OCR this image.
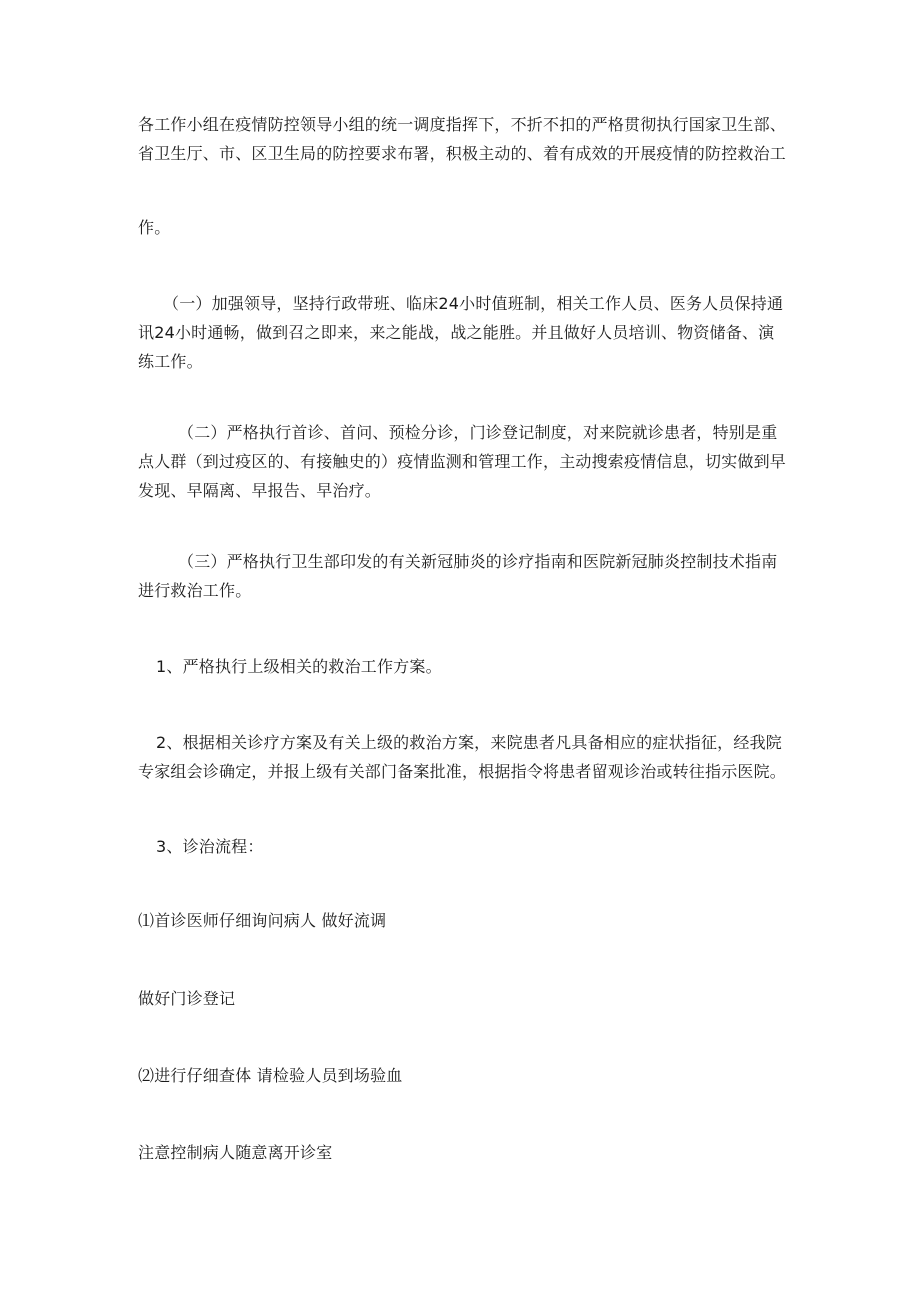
各工作小组在疫情防控领导小组的统一调度指挥下，不折不扣的严格贯彻执行国家卫生部、

省卫生厅、市、区卫生局的防控要求布署，积极主动的、着有成效的开展疫情的防控救治工

作。

（一）加强领导，坚持行政带班、临床24小时值班制，相关工作人员、医务人员保持通讯24小时通畅，做到召之即来，来之能战，战之能胜。并且做好人员培训、物资储备、演练工作。

（二）严格执行首诊、首问、预检分诊，门诊登记制度，对来院就诊患者，特别是重点人群（到过疫区的、有接触史的）疫情监测和管理工作，主动搜索疫情信息，切实做到早发现、早隔离、早报告、早治疗。

（三）严格执行卫生部印发的有关新冠肺炎的诊疗指南和医院新冠肺炎控制技术指南进行救治工作。

1、严格执行上级相关的救治工作方案。

2、根据相关诊疗方案及有关上级的救治方案，来院患者凡具备相应的症状指征，经我院专家组会诊确定，并报上级有关部门备案批准，根据指令将患者留观诊治或转往指示医院。

3、诊治流程：

⑴首诊医师仔细询问病人 做好流调

做好门诊登记

⑵进行仔细查体 请检验人员到场验血

注意控制病人随意离开诊室
